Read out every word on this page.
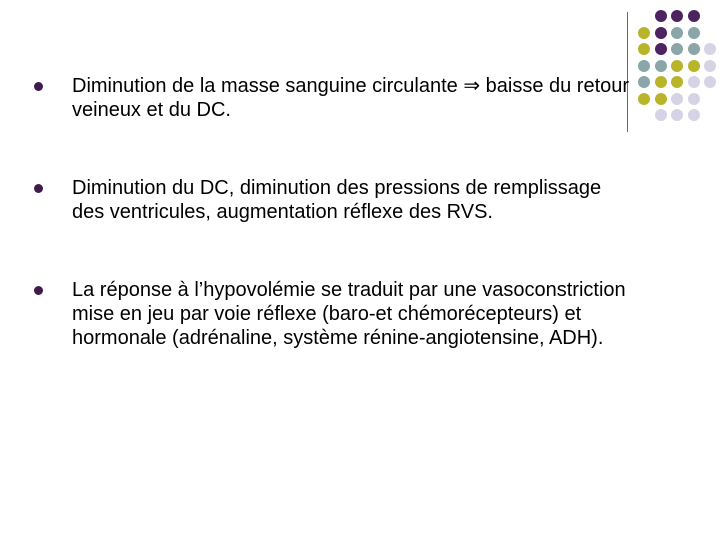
Diminution de la masse sanguine circulante ⇒ baisse du retour veineux et du DC.
Diminution du DC, diminution des pressions de remplissage des ventricules, augmentation réflexe des RVS.
La réponse à l’hypovolémie se traduit par une vasoconstriction mise en jeu par voie réflexe (baro-et chémorécepteurs) et hormonale (adrénaline, système rénine-angiotensine, ADH).
